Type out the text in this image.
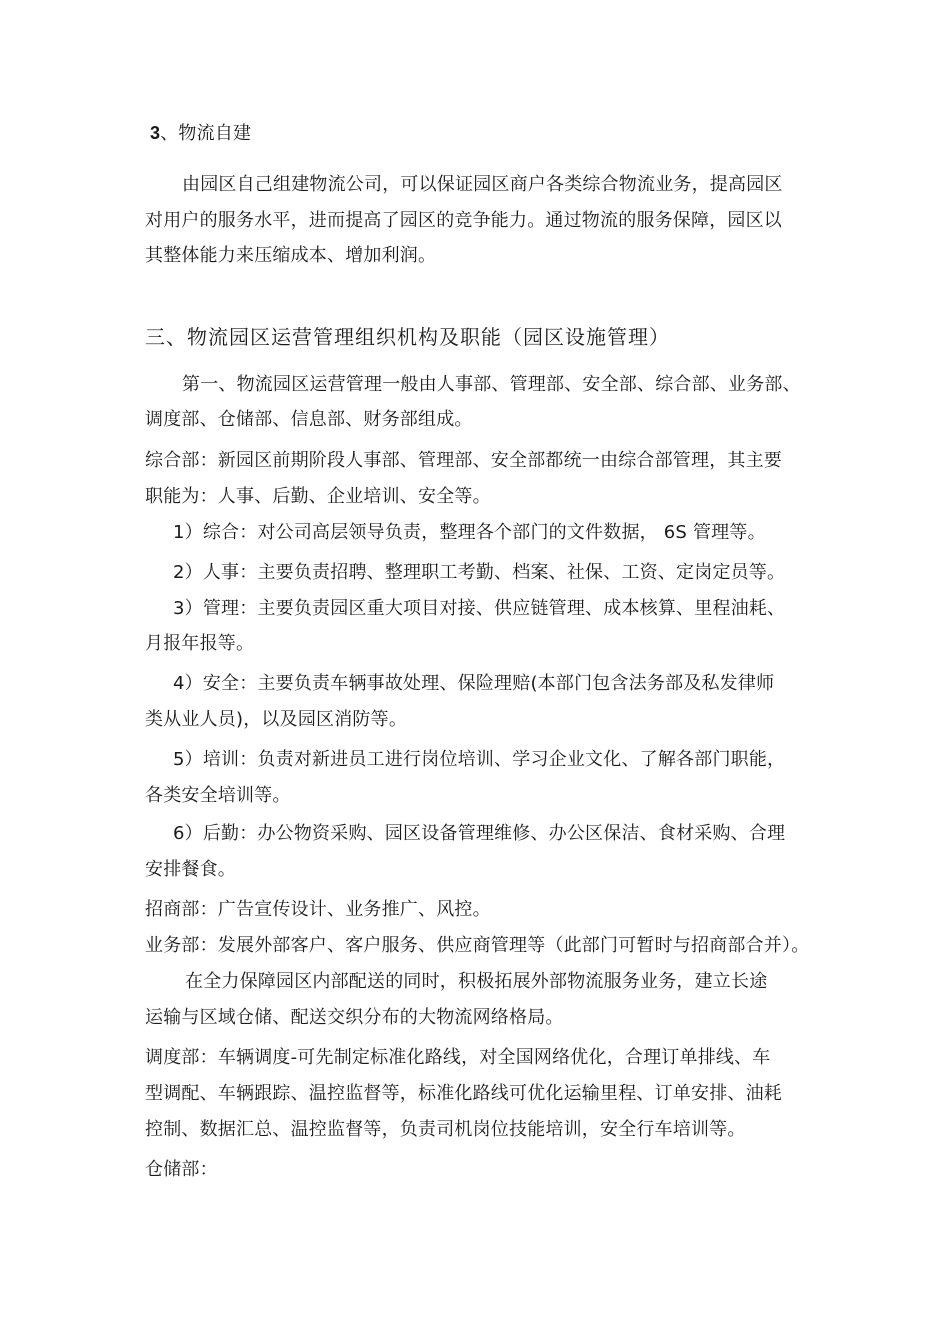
3、物流自建
由园区自己组建物流公司，可以保证园区商户各类综合物流业务，提高园区
对用户的服务水平，进而提高了园区的竞争能力。通过物流的服务保障，园区以
其整体能力来压缩成本、增加利润。
三、物流园区运营管理组织机构及职能（园区设施管理）
第一、物流园区运营管理一般由人事部、管理部、安全部、综合部、业务部、
调度部、仓储部、信息部、财务部组成。
综合部：新园区前期阶段人事部、管理部、安全部都统一由综合部管理，其主要
职能为：人事、后勤、企业培训、安全等。
1）综合：对公司高层领导负责，整理各个部门的文件数据， 6S 管理等。
2）人事：主要负责招聘、整理职工考勤、档案、社保、工资、定岗定员等。
3）管理：主要负责园区重大项目对接、供应链管理、成本核算、里程油耗、
月报年报等。
4）安全：主要负责车辆事故处理、保险理赔(本部门包含法务部及私发律师
类从业人员)，以及园区消防等。
5）培训：负责对新进员工进行岗位培训、学习企业文化、了解各部门职能，
各类安全培训等。
6）后勤：办公物资采购、园区设备管理维修、办公区保洁、食材采购、合理
安排餐食。
招商部：广告宣传设计、业务推广、风控。
业务部：发展外部客户、客户服务、供应商管理等（此部门可暂时与招商部合并）。
在全力保障园区内部配送的同时，积极拓展外部物流服务业务，建立长途
运输与区域仓储、配送交织分布的大物流网络格局。
调度部：车辆调度-可先制定标准化路线，对全国网络优化，合理订单排线、车
型调配、车辆跟踪、温控监督等，标准化路线可优化运输里程、订单安排、油耗
控制、数据汇总、温控监督等，负责司机岗位技能培训，安全行车培训等。
仓储部：
